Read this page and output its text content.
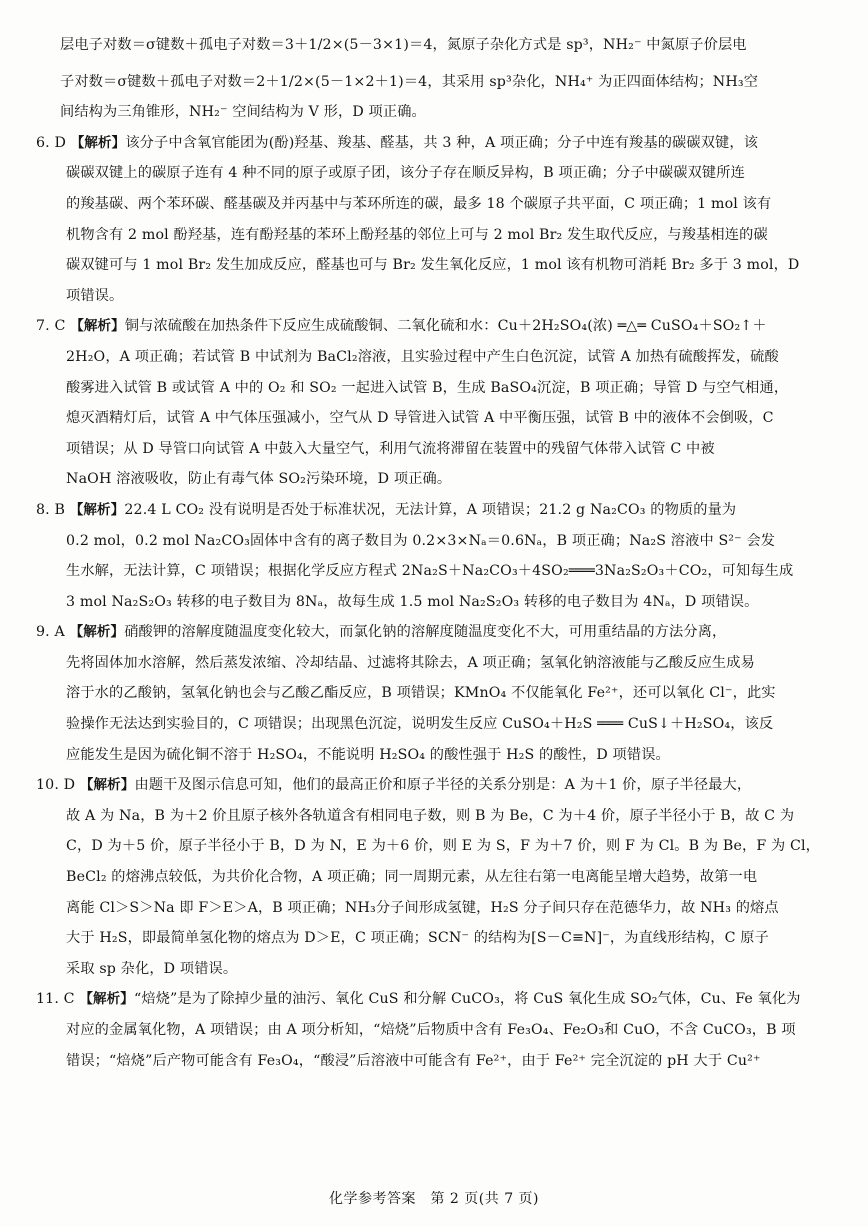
层电子对数＝σ键数＋孤电子对数＝3＋1/2×(5－3×1)＝4，氮原子杂化方式是 sp³，NH₂⁻ 中氮原子价层电
子对数＝σ键数＋孤电子对数＝2＋1/2×(5－1×2＋1)＝4，其采用 sp³杂化，NH₄⁺ 为正四面体结构；NH₃空
间结构为三角锥形，NH₂⁻ 空间结构为 V 形，D 项正确。
6. D 【解析】该分子中含氧官能团为(酚)羟基、羧基、醛基，共 3 种，A 项正确；分子中连有羧基的碳碳双键，该
碳碳双键上的碳原子连有 4 种不同的原子或原子团，该分子存在顺反异构，B 项正确；分子中碳碳双键所连
的羧基碳、两个苯环碳、醛基碳及并丙基中与苯环所连的碳，最多 18 个碳原子共平面，C 项正确；1 mol 该有
机物含有 2 mol 酚羟基，连有酚羟基的苯环上酚羟基的邻位上可与 2 mol Br₂ 发生取代反应，与羧基相连的碳
碳双键可与 1 mol Br₂ 发生加成反应，醛基也可与 Br₂ 发生氧化反应，1 mol 该有机物可消耗 Br₂ 多于 3 mol，D
项错误。
7. C 【解析】铜与浓硫酸在加热条件下反应生成硫酸铜、二氧化硫和水：Cu＋2H₂SO₄(浓) ═△═ CuSO₄＋SO₂↑＋
2H₂O，A 项正确；若试管 B 中试剂为 BaCl₂溶液，且实验过程中产生白色沉淀，试管 A 加热有硫酸挥发，硫酸
酸雾进入试管 B 或试管 A 中的 O₂ 和 SO₂ 一起进入试管 B，生成 BaSO₄沉淀，B 项正确；导管 D 与空气相通，
熄灭酒精灯后，试管 A 中气体压强减小，空气从 D 导管进入试管 A 中平衡压强，试管 B 中的液体不会倒吸，C
项错误；从 D 导管口向试管 A 中鼓入大量空气，利用气流将滞留在装置中的残留气体带入试管 C 中被
NaOH 溶液吸收，防止有毒气体 SO₂污染环境，D 项正确。
8. B 【解析】22.4 L CO₂ 没有说明是否处于标准状况，无法计算，A 项错误；21.2 g Na₂CO₃ 的物质的量为
0.2 mol，0.2 mol Na₂CO₃固体中含有的离子数目为 0.2×3×Nₐ＝0.6Nₐ，B 项正确；Na₂S 溶液中 S²⁻ 会发
生水解，无法计算，C 项错误；根据化学反应方程式 2Na₂S＋Na₂CO₃＋4SO₂═══3Na₂S₂O₃＋CO₂，可知每生成
3 mol Na₂S₂O₃ 转移的电子数目为 8Nₐ，故每生成 1.5 mol Na₂S₂O₃ 转移的电子数目为 4Nₐ，D 项错误。
9. A 【解析】硝酸钾的溶解度随温度变化较大，而氯化钠的溶解度随温度变化不大，可用重结晶的方法分离，
先将固体加水溶解，然后蒸发浓缩、冷却结晶、过滤将其除去，A 项正确；氢氧化钠溶液能与乙酸反应生成易
溶于水的乙酸钠，氢氧化钠也会与乙酸乙酯反应，B 项错误；KMnO₄ 不仅能氧化 Fe²⁺，还可以氧化 Cl⁻，此实
验操作无法达到实验目的，C 项错误；出现黑色沉淀，说明发生反应 CuSO₄＋H₂S ═══ CuS↓＋H₂SO₄，该反
应能发生是因为硫化铜不溶于 H₂SO₄，不能说明 H₂SO₄ 的酸性强于 H₂S 的酸性，D 项错误。
10. D 【解析】由题干及图示信息可知，他们的最高正价和原子半径的关系分别是：A 为＋1 价，原子半径最大，
故 A 为 Na，B 为＋2 价且原子核外各轨道含有相同电子数，则 B 为 Be，C 为＋4 价，原子半径小于 B，故 C 为
C，D 为＋5 价，原子半径小于 B，D 为 N，E 为＋6 价，则 E 为 S，F 为＋7 价，则 F 为 Cl。B 为 Be，F 为 Cl，
BeCl₂ 的熔沸点较低，为共价化合物，A 项正确；同一周期元素，从左往右第一电离能呈增大趋势，故第一电
离能 Cl＞S＞Na 即 F＞E＞A，B 项正确；NH₃分子间形成氢键，H₂S 分子间只存在范德华力，故 NH₃ 的熔点
大于 H₂S，即最简单氢化物的熔点为 D＞E，C 项正确；SCN⁻ 的结构为[S－C≡N]⁻，为直线形结构，C 原子
采取 sp 杂化，D 项错误。
11. C 【解析】“焙烧”是为了除掉少量的油污、氧化 CuS 和分解 CuCO₃，将 CuS 氧化生成 SO₂气体，Cu、Fe 氧化为
对应的金属氧化物，A 项错误；由 A 项分析知，“焙烧”后物质中含有 Fe₃O₄、Fe₂O₃和 CuO，不含 CuCO₃，B 项
错误；“焙烧”后产物可能含有 Fe₃O₄，“酸浸”后溶液中可能含有 Fe²⁺，由于 Fe²⁺ 完全沉淀的 pH 大于 Cu²⁺
化学参考答案　第 2 页(共 7 页)
